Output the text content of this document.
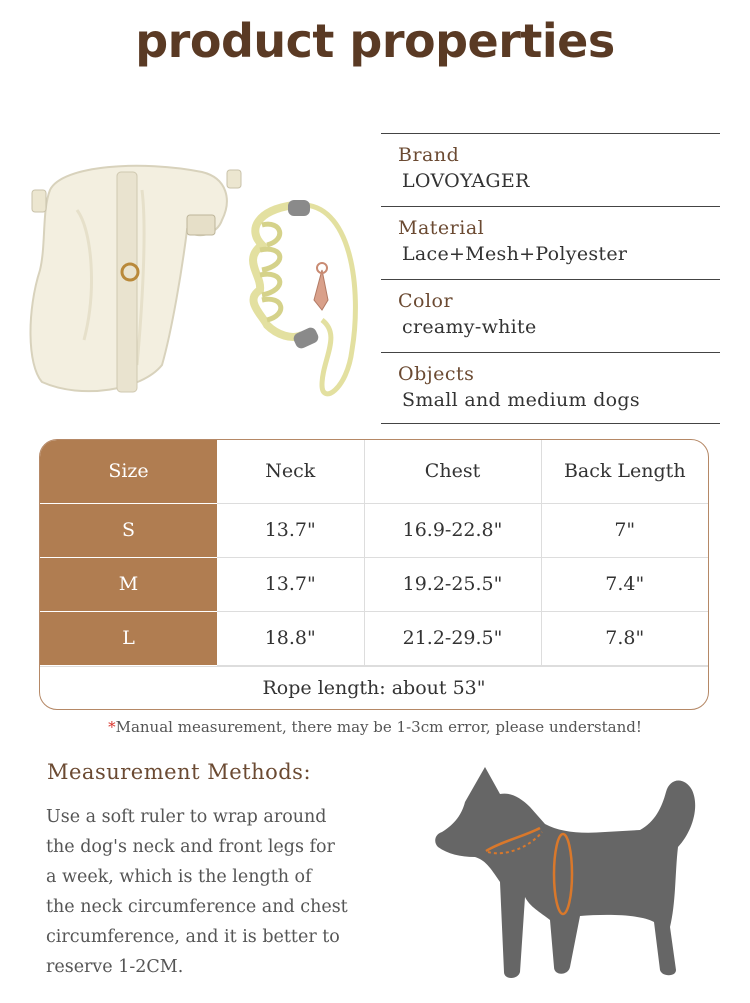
product properties
Brand
LOVOYAGER
Material
Lace+Mesh+Polyester
Color
creamy-white
Objects
Small and medium dogs
Size	Neck	Chest	Back Length
S	13.7"	16.9-22.8"	7"
M	13.7"	19.2-25.5"	7.4"
L	18.8"	21.2-29.5"	7.8"
Rope length: about 53"
*Manual measurement, there may be 1-3cm error, please understand!
Measurement Methods:
Use a soft ruler to wrap around
the dog's neck and front legs for
a week, which is the length of
the neck circumference and chest
circumference, and it is better to
reserve 1-2CM.
